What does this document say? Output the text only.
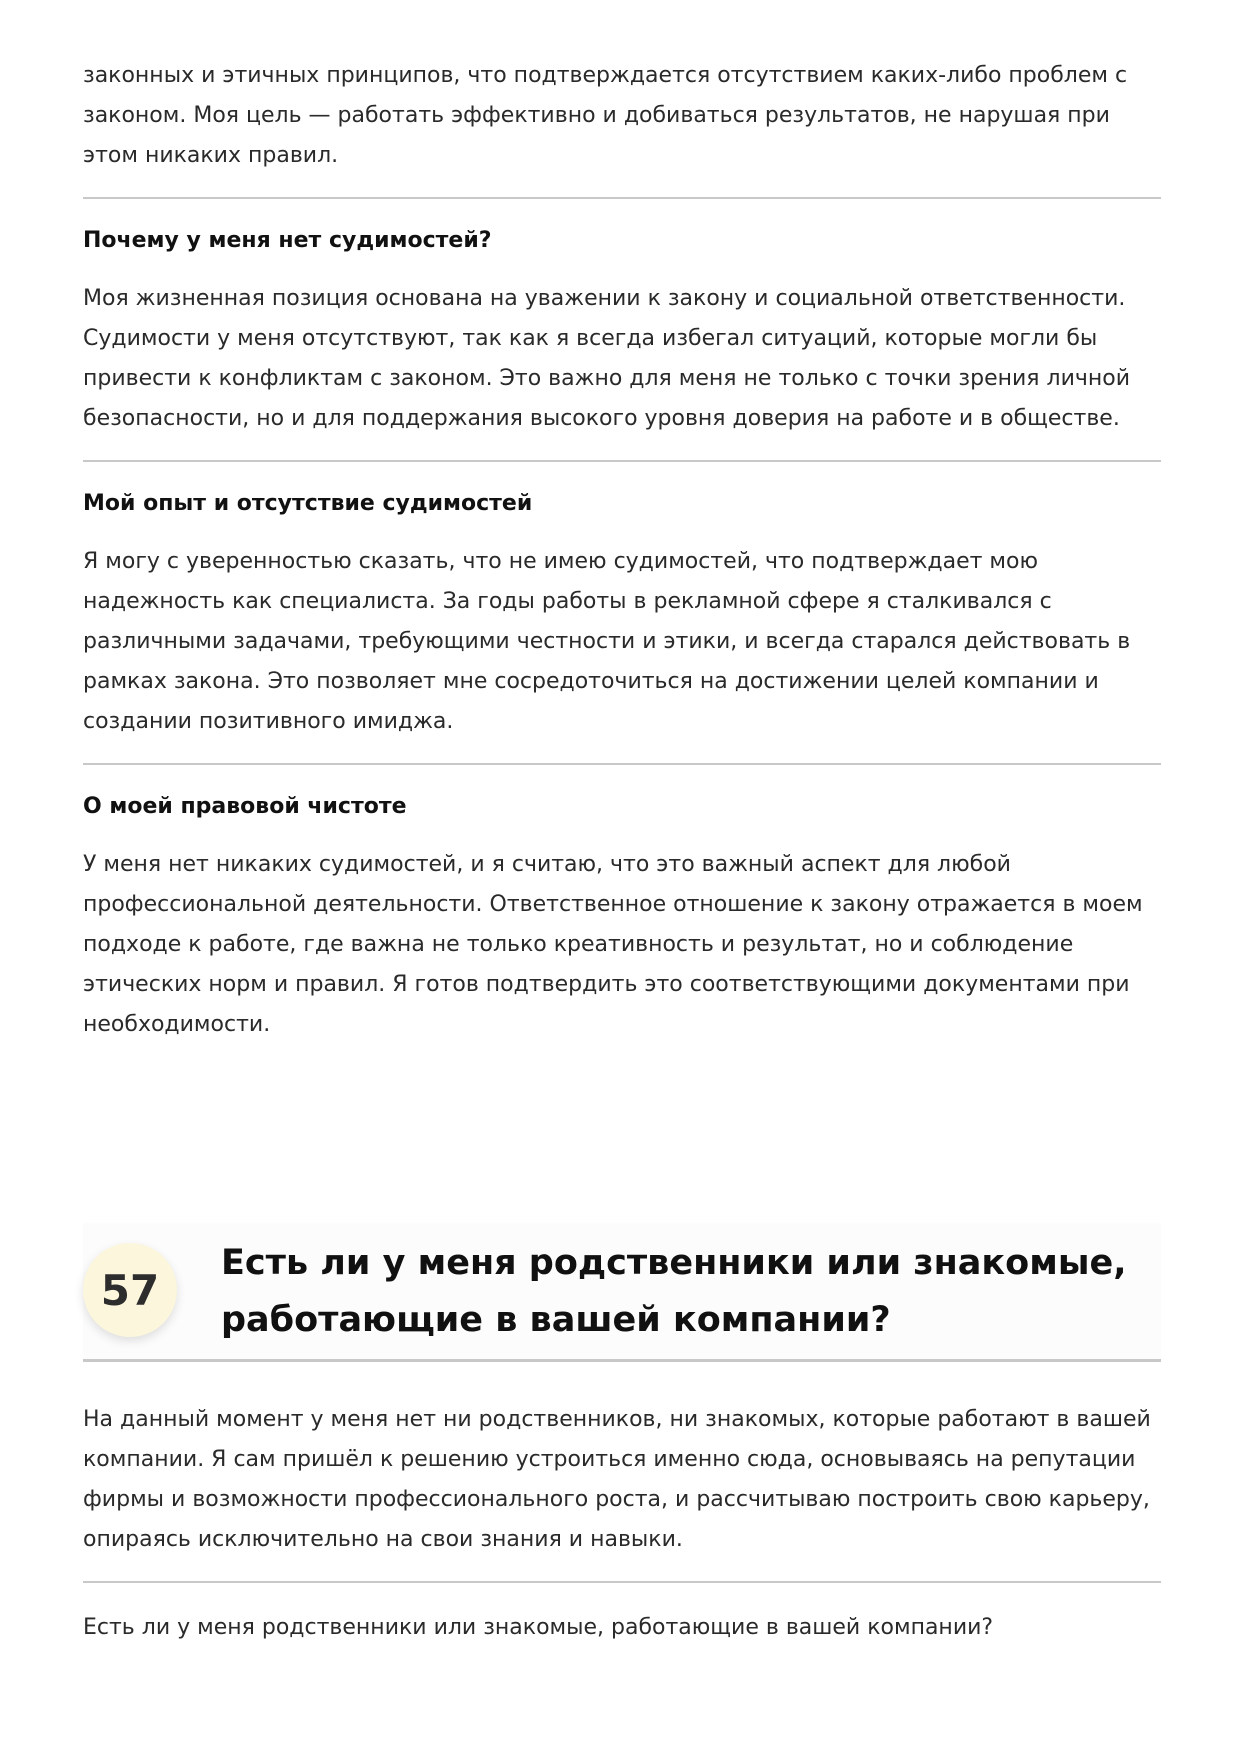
законных и этичных принципов, что подтверждается отсутствием каких-либо проблем с законом. Моя цель — работать эффективно и добиваться результатов, не нарушая при этом никаких правил.

Почему у меня нет судимостей?

Моя жизненная позиция основана на уважении к закону и социальной ответственности. Судимости у меня отсутствуют, так как я всегда избегал ситуаций, которые могли бы привести к конфликтам с законом. Это важно для меня не только с точки зрения личной безопасности, но и для поддержания высокого уровня доверия на работе и в обществе.

Мой опыт и отсутствие судимостей

Я могу с уверенностью сказать, что не имею судимостей, что подтверждает мою надежность как специалиста. За годы работы в рекламной сфере я сталкивался с различными задачами, требующими честности и этики, и всегда старался действовать в рамках закона. Это позволяет мне сосредоточиться на достижении целей компании и создании позитивного имиджа.

О моей правовой чистоте

У меня нет никаких судимостей, и я считаю, что это важный аспект для любой профессиональной деятельности. Ответственное отношение к закону отражается в моем подходе к работе, где важна не только креативность и результат, но и соблюдение этических норм и правил. Я готов подтвердить это соответствующими документами при необходимости.

57
Есть ли у меня родственники или знакомые, работающие в вашей компании?

На данный момент у меня нет ни родственников, ни знакомых, которые работают в вашей компании. Я сам пришёл к решению устроиться именно сюда, основываясь на репутации фирмы и возможности профессионального роста, и рассчитываю построить свою карьеру, опираясь исключительно на свои знания и навыки.

Есть ли у меня родственники или знакомые, работающие в вашей компании?
